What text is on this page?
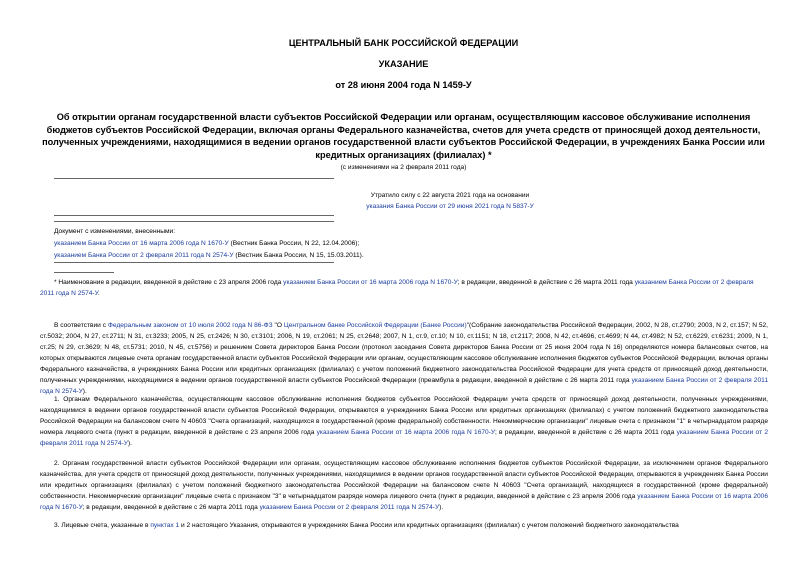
ЦЕНТРАЛЬНЫЙ БАНК РОССИЙСКОЙ ФЕДЕРАЦИИ
УКАЗАНИЕ
от 28 июня 2004 года N 1459-У
Об открытии органам государственной власти субъектов Российской Федерации или органам, осуществляющим кассовое обслуживание исполнения бюджетов субъектов Российской Федерации, включая органы Федерального казначейства, счетов для учета средств от приносящей доход деятельности, полученных учреждениями, находящимися в ведении органов государственной власти субъектов Российской Федерации, в учреждениях Банка России или кредитных организациях (филиалах) *
(с изменениями на 2 февраля 2011 года)
Утратило силу с 22 августа 2021 года на основании
указания Банка России от 29 июня 2021 года N 5837-У
Документ с изменениями, внесенными:
указанием Банка России от 16 марта 2006 года N 1670-У (Вестник Банка России, N 22, 12.04.2006);
указанием Банка России от 2 февраля 2011 года N 2574-У (Вестник Банка России, N 15, 15.03.2011).
* Наименование в редакции, введенной в действие с 23 апреля 2006 года указанием Банка России от 16 марта 2006 года N 1670-У; в редакции, введенной в действие с 26 марта 2011 года указанием Банка России от 2 февраля 2011 года N 2574-У.
В соответствии с Федеральным законом от 10 июля 2002 года N 86-ФЗ "О Центральном банке Российской Федерации (Банке России)"(Собрание законодательства Российской Федерации, 2002, N 28, ст.2790; 2003, N 2, ст.157; N 52, ст.5032; 2004, N 27, ст.2711; N 31, ст.3233; 2005, N 25, ст.2426; N 30, ст.3101; 2006, N 19, ст.2061; N 25, ст.2648; 2007, N 1, ст.9, ст.10; N 10, ст.1151; N 18, ст.2117; 2008, N 42, ст.4696, ст.4699; N 44, ст.4982; N 52, ст.6229, ст.6231; 2009, N 1, ст.25; N 29, ст.3629; N 48, ст.5731; 2010, N 45, ст.5756) и решением Совета директоров Банка России (протокол заседания Совета директоров Банка России от 25 июня 2004 года N 16) определяются номера балансовых счетов, на которых открываются лицевые счета органам государственной власти субъектов Российской Федерации или органам, осуществляющим кассовое обслуживание исполнения бюджетов субъектов Российской Федерации, включая органы Федерального казначейства, в учреждениях Банка России или кредитных организациях (филиалах) с учетом положений бюджетного законодательства Российской Федерации для учета средств от приносящей доход деятельности, полученных учреждениями, находящимися в ведении органов государственной власти субъектов Российской Федерации (преамбула в редакции, введенной в действие с 26 марта 2011 года указанием Банка России от 2 февраля 2011 года N 2574-У).
1. Органам Федерального казначейства, осуществляющим кассовое обслуживание исполнения бюджетов субъектов Российской Федерации учета средств от приносящей доход деятельности, полученных учреждениями, находящимися в ведении органов государственной власти субъектов Российской Федерации, открываются в учреждениях Банка России или кредитных организациях (филиалах) с учетом положений бюджетного законодательства Российской Федерации на балансовом счете N 40603 "Счета организаций, находящихся в государственной (кроме федеральной) собственности. Некоммерческие организации" лицевые счета с признаком "1" в четырнадцатом разряде номера лицевого счета (пункт в редакции, введенной в действие с 23 апреля 2006 года указанием Банка России от 16 марта 2006 года N 1670-У; в редакции, введенной в действие с 26 марта 2011 года указанием Банка России от 2 февраля 2011 года N 2574-У).
2. Органам государственной власти субъектов Российской Федерации или органам, осуществляющим кассовое обслуживание исполнения бюджетов субъектов Российской Федерации, за исключением органов Федерального казначейства, для учета средств от приносящей доход деятельности, полученных учреждениями, находящимися в ведении органов государственной власти субъектов Российской Федерации, открываются в учреждениях Банка России или кредитных организациях (филиалах) с учетом положений бюджетного законодательства Российской Федерации на балансовом счете N 40603 "Счета организаций, находящихся в государственной (кроме федеральной) собственности. Некоммерческие организации" лицевые счета с признаком "3" в четырнадцатом разряде номера лицевого счета (пункт в редакции, введенной в действие с 23 апреля 2006 года указанием Банка России от 16 марта 2006 года N 1670-У; в редакции, введенной в действие с 26 марта 2011 года указанием Банка России от 2 февраля 2011 года N 2574-У).
3. Лицевые счета, указанные в пунктах 1 и 2 настоящего Указания, открываются в учреждениях Банка России или кредитных организациях (филиалах) с учетом положений бюджетного законодательства
